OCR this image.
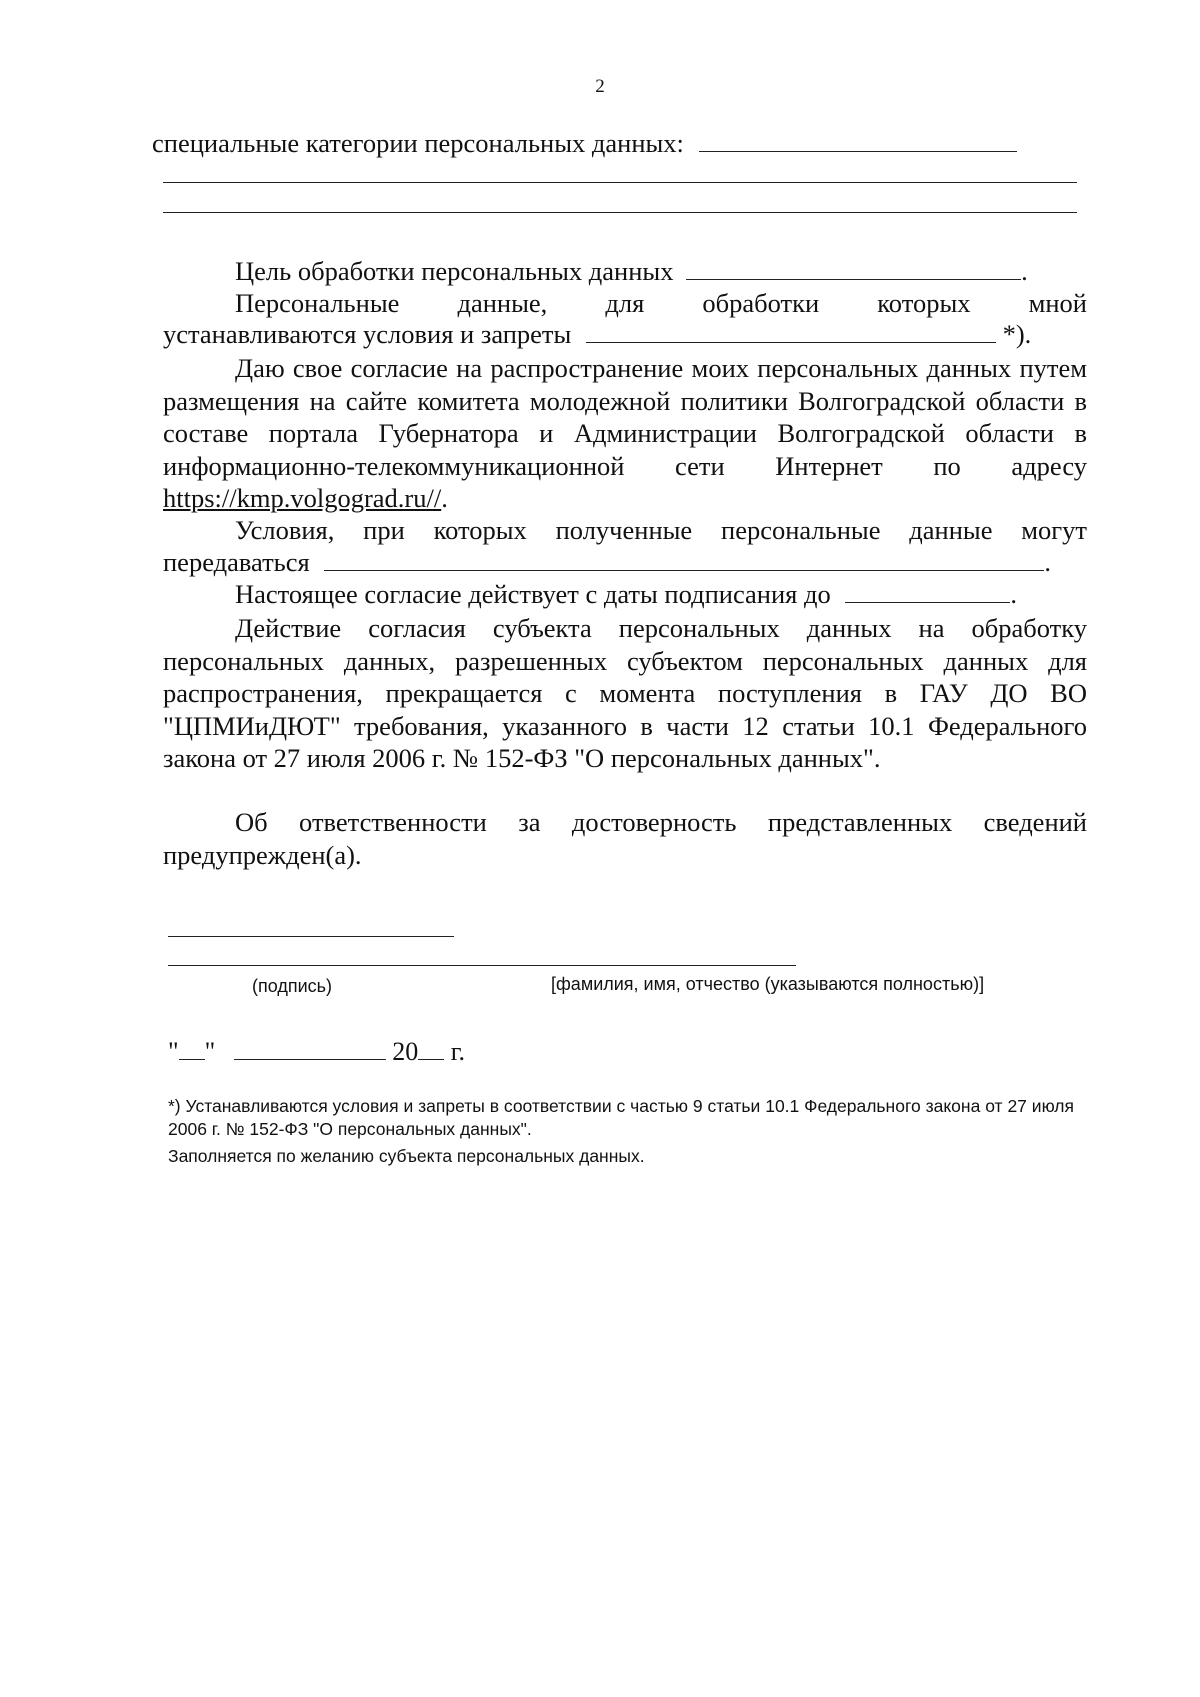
2
специальные категории персональных данных:
Цель обработки персональных данных	.
Персональные данные, для обработки которых мной
устанавливаются условия и запреты	*).
Даю свое согласие на распространение моих персональных данных путем размещения на сайте комитета молодежной политики Волгоградской области в составе портала Губернатора и Администрации Волгоградской области в информационно-телекоммуникационной сети Интернет по адресу https://kmp.volgograd.ru//.
Условия, при которых полученные персональные данные могут
передаваться	.
Настоящее согласие действует с даты подписания до	.
Действие согласия субъекта персональных данных на обработку персональных данных, разрешенных субъектом персональных данных для распространения, прекращается с момента поступления в ГАУ ДО ВО "ЦПМИиДЮТ" требования, указанного в части 12 статьи 10.1 Федерального закона от 27 июля 2006 г. № 152-ФЗ "О персональных данных".
Об ответственности за достоверность представленных сведений предупрежден(а).
(подпись)	[фамилия, имя, отчество (указываются полностью)]
" "	20 г.
*) Устанавливаются условия и запреты в соответствии с частью 9 статьи 10.1 Федерального закона от 27 июля 2006 г. № 152-ФЗ "О персональных данных".
Заполняется по желанию субъекта персональных данных.
